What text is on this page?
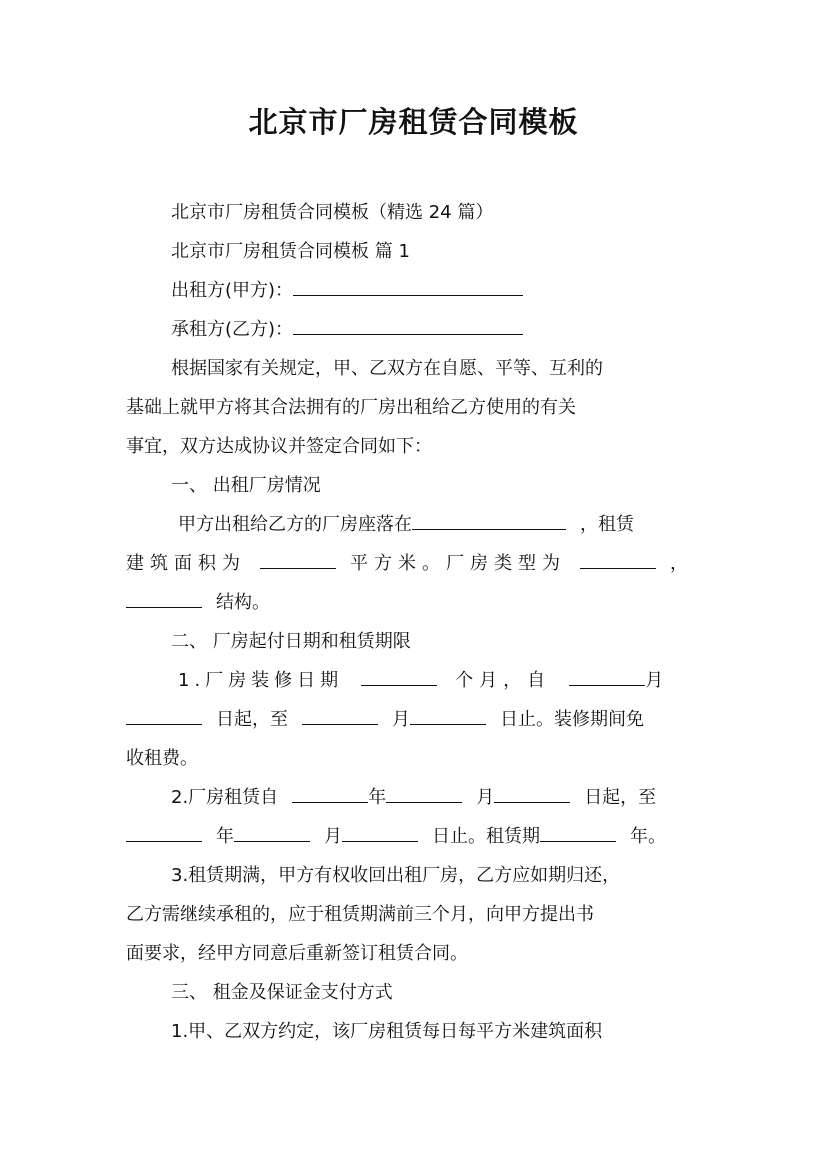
北京市厂房租赁合同模板
北京市厂房租赁合同模板（精选 24 篇）
北京市厂房租赁合同模板 篇 1
出租方(甲方)：
承租方(乙方)：
根据国家有关规定，甲、乙双方在自愿、平等、互利的
基础上就甲方将其合法拥有的厂房出租给乙方使用的有关
事宜，双方达成协议并签定合同如下：
一、 出租厂房情况
甲方出租给乙方的厂房座落在	，租赁
建筑面积为	平方米。厂房类型为	，
结构。
二、 厂房起付日期和租赁期限
1.厂房装修日期	个月，自	月
日起，至	月	日止。装修期间免
收租费。
2.厂房租赁自	年	月	日起，至
年	月	日止。租赁期	年。
3.租赁期满，甲方有权收回出租厂房，乙方应如期归还，
乙方需继续承租的，应于租赁期满前三个月，向甲方提出书
面要求，经甲方同意后重新签订租赁合同。
三、 租金及保证金支付方式
1.甲、乙双方约定，该厂房租赁每日每平方米建筑面积
